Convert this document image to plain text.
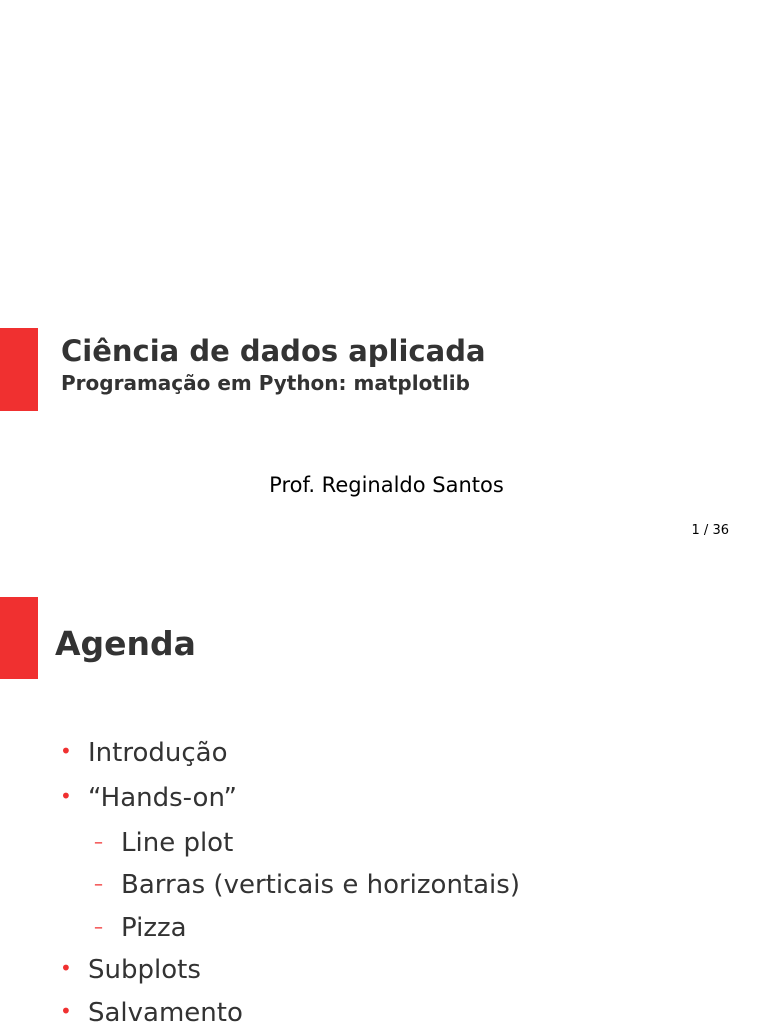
Ciência de dados aplicada
Programação em Python: matplotlib
Prof. Reginaldo Santos
1 / 36
Agenda
• Introdução
• “Hands-on”
– Line plot
– Barras (verticais e horizontais)
– Pizza
• Subplots
• Salvamento
